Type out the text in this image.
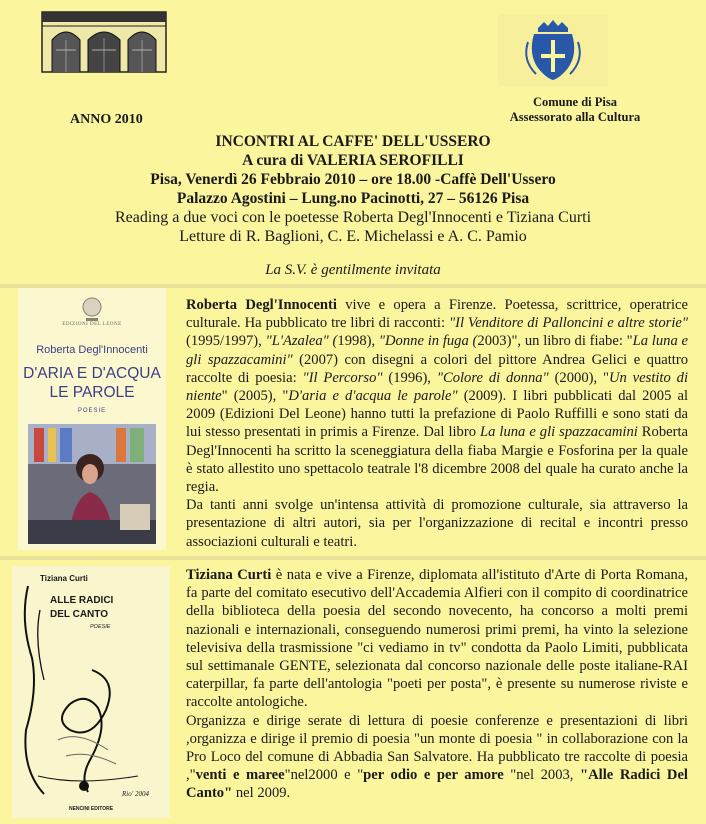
ANNO 2010
Comune di Pisa
Assessorato alla Cultura
INCONTRI AL CAFFE' DELL'USSERO
A cura di VALERIA SEROFILLI
Pisa, Venerdì 26 Febbraio 2010 – ore 18.00 -Caffè Dell'Ussero
Palazzo Agostini – Lung.no Pacinotti, 27 – 56126 Pisa
Reading a due voci con le poetesse Roberta Degl'Innocenti e Tiziana Curti
Letture di R. Baglioni, C. E. Michelassi e A. C. Pamio
La S.V. è gentilmente invitata
EDIZIONI DEL LEONE
Roberta Degl'Innocenti
D'ARIA E D'ACQUA
LE PAROLE
POESIE

Roberta Degl'Innocenti vive e opera a Firenze. Poetessa, scrittrice, operatrice culturale. Ha pubblicato tre libri di racconti: "Il Venditore di Palloncini e altre storie" (1995/1997), "L'Azalea" (1998), "Donne in fuga (2003)", un libro di fiabe: "La luna e gli spazzacamini" (2007) con disegni a colori del pittore Andrea Gelici e quattro raccolte di poesia: "Il Percorso" (1996), "Colore di donna" (2000), "Un vestito di niente" (2005), "D'aria e d'acqua le parole" (2009). I libri pubblicati dal 2005 al 2009 (Edizioni Del Leone) hanno tutti la prefazione di Paolo Ruffilli e sono stati da lui stesso presentati in primis a Firenze. Dal libro La luna e gli spazzacamini Roberta Degl'Innocenti ha scritto la sceneggiatura della fiaba Margie e Fosforina per la quale è stato allestito uno spettacolo teatrale l'8 dicembre 2008 del quale ha curato anche la regia.

Da tanti anni svolge un'intensa attività di promozione culturale, sia attraverso la presentazione di altri autori, sia per l'organizzazione di recital e incontri presso associazioni culturali e teatri.

Tiziana Curti
ALLE RADICI
DEL CANTO
POESIE
Rio' 2004
NENCINI EDITORE

Tiziana Curti è nata e vive a Firenze, diplomata all'istituto d'Arte di Porta Romana, fa parte del comitato esecutivo dell'Accademia Alfieri con il compito di coordinatrice della biblioteca della poesia del secondo novecento, ha concorso a molti premi nazionali e internazionali, conseguendo numerosi primi premi, ha vinto la selezione televisiva della trasmissione "ci vediamo in tv" condotta da Paolo Limiti, pubblicata sul settimanale GENTE, selezionata dal concorso nazionale delle poste italiane-RAI caterpillar, fa parte dell'antologia "poeti per posta", è presente su numerose riviste e raccolte antologiche.

Organizza e dirige serate di lettura di poesie conferenze e presentazioni di libri ,organizza e dirige il premio di poesia "un monte di poesia " in collaborazione con la Pro Loco del comune di Abbadia San Salvatore. Ha pubblicato tre raccolte di poesia ,"venti e maree"nel2000 e "per odio e per amore "nel 2003, "Alle Radici Del Canto" nel 2009.
